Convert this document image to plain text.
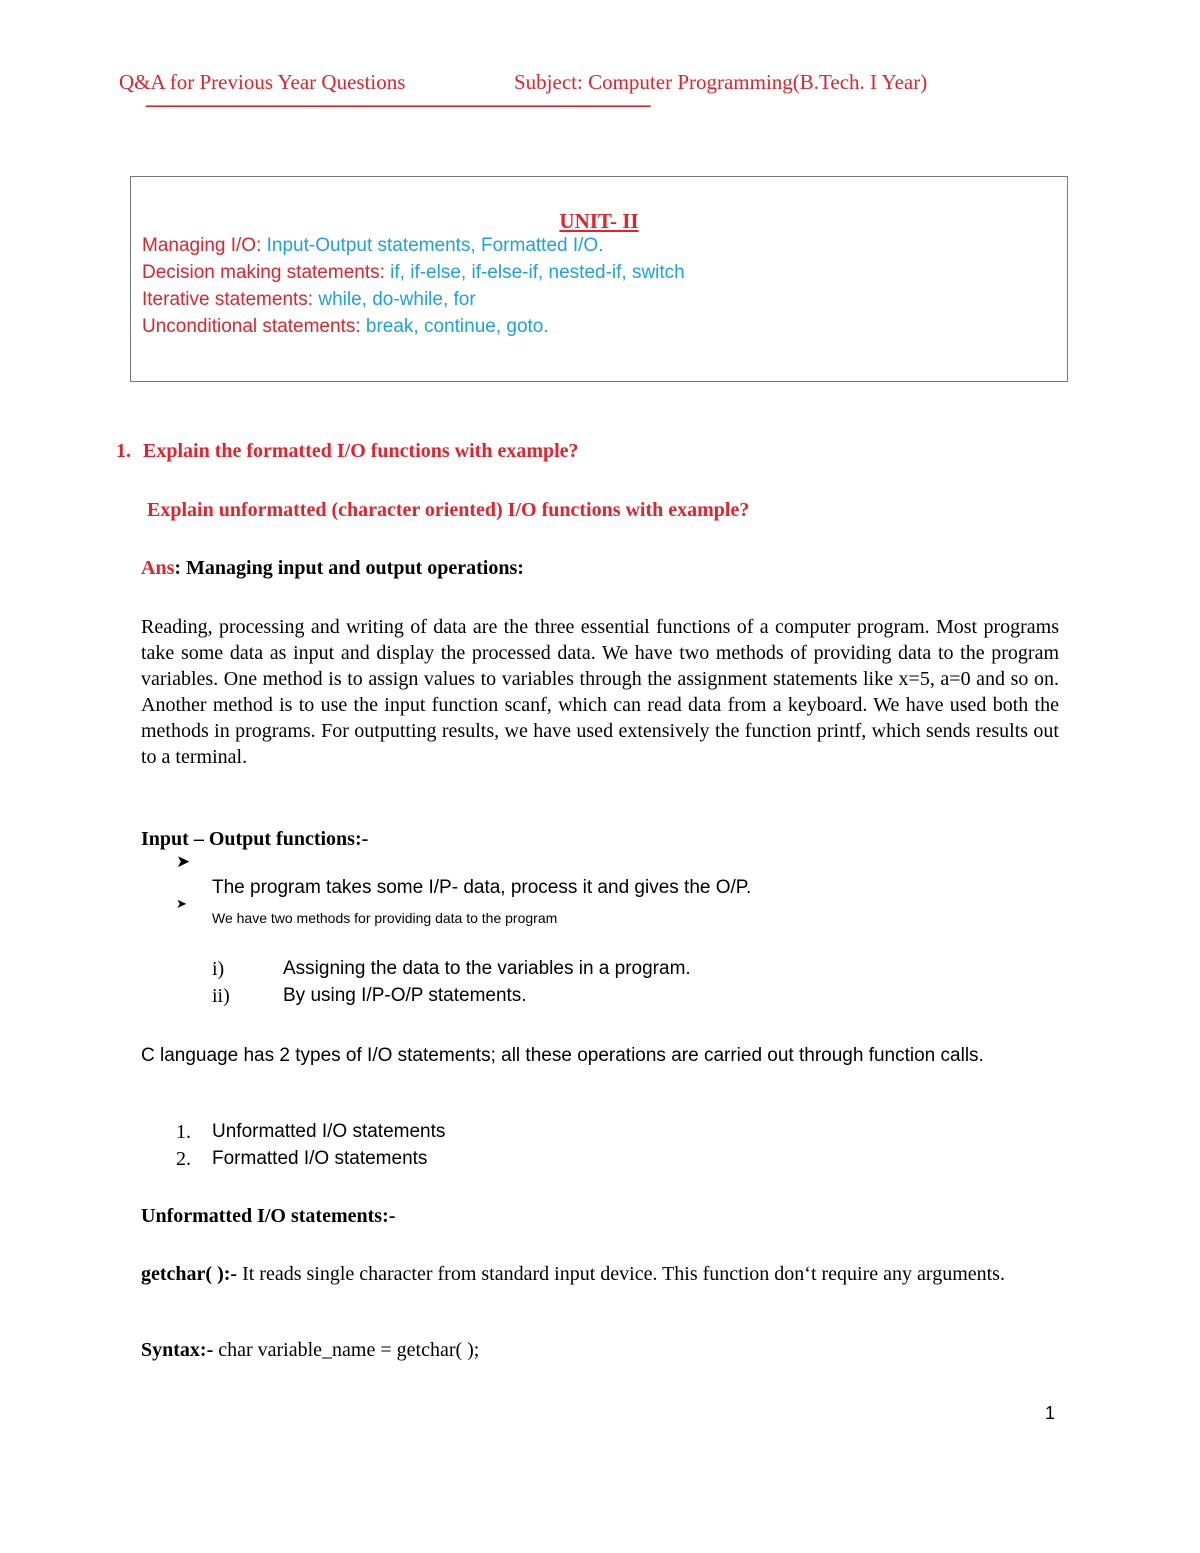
Q&A for Previous Year Questions	Subject: Computer Programming(B.Tech. I Year)
-----------------------------------------------------------------------------------------------------
UNIT- II
Managing I/O: Input-Output statements, Formatted I/O.
Decision making statements: if, if-else, if-else-if, nested-if, switch
Iterative statements: while, do-while, for
Unconditional statements: break, continue, goto.
1. Explain the formatted I/O functions with example?
Explain unformatted (character oriented) I/O functions with example?
Ans: Managing input and output operations:
Reading, processing and writing of data are the three essential functions of a computer program. Most programs take some data as input and display the processed data. We have two methods of providing data to the program variables. One method is to assign values to variables through the assignment statements like x=5, a=0 and so on. Another method is to use the input function scanf, which can read data from a keyboard. We have used both the methods in programs. For outputting results, we have used extensively the function printf, which sends results out to a terminal.
Input – Output functions:-
➤
The program takes some I/P- data, process it and gives the O/P.
➤
We have two methods for providing data to the program
i)	Assigning the data to the variables in a program.
ii)	By using I/P-O/P statements.
C language has 2 types of I/O statements; all these operations are carried out through function calls.
1. Unformatted I/O statements
2. Formatted I/O statements
Unformatted I/O statements:-
getchar( ):- It reads single character from standard input device. This function don‘t require any arguments.
Syntax:- char variable_name = getchar( );
1
